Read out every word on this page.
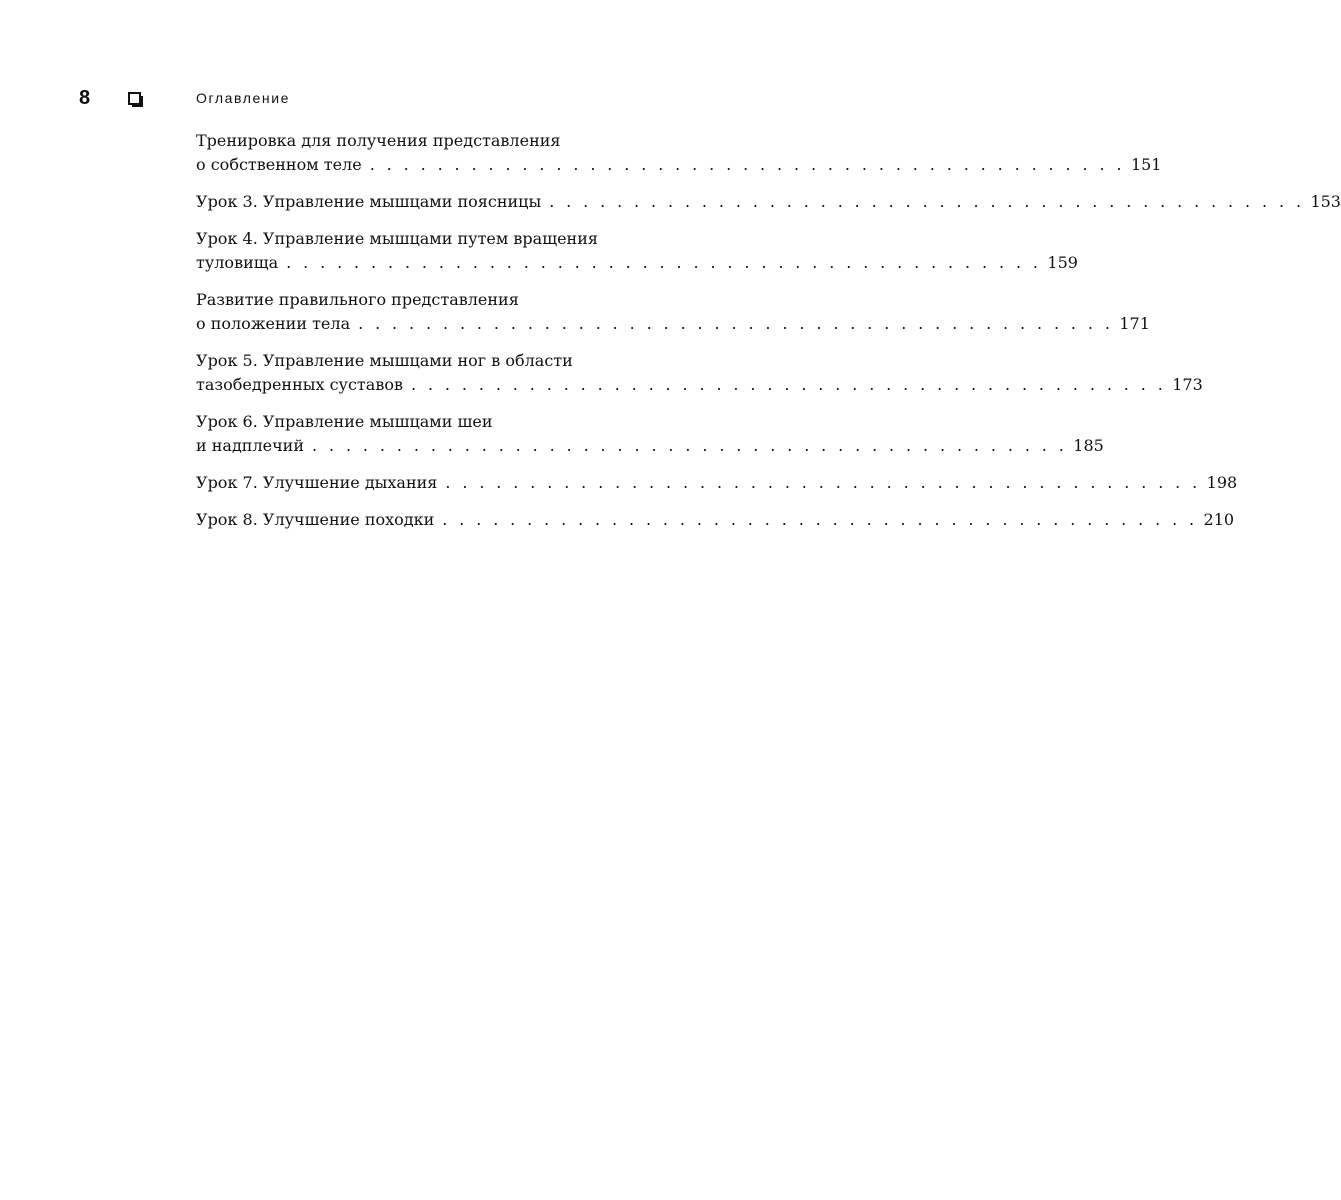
8	Оглавление
Тренировка для получения представления
о собственном теле . . . . . . . . . . . . . . . . . . . . . . . . . . . . . . . . . . . . . . . . . . . . . 151
Урок 3. Управление мышцами поясницы . . . . . . . . . . . . . . . . . . . . . . . . . . . . . . . . . . . . . . . . . . . . . 153
Урок 4. Управление мышцами путем вращения
туловища . . . . . . . . . . . . . . . . . . . . . . . . . . . . . . . . . . . . . . . . . . . . . 159
Развитие правильного представления
о положении тела . . . . . . . . . . . . . . . . . . . . . . . . . . . . . . . . . . . . . . . . . . . . . 171
Урок 5. Управление мышцами ног в области
тазобедренных суставов . . . . . . . . . . . . . . . . . . . . . . . . . . . . . . . . . . . . . . . . . . . . . 173
Урок 6. Управление мышцами шеи
и надплечий . . . . . . . . . . . . . . . . . . . . . . . . . . . . . . . . . . . . . . . . . . . . . 185
Урок 7. Улучшение дыхания . . . . . . . . . . . . . . . . . . . . . . . . . . . . . . . . . . . . . . . . . . . . . 198
Урок 8. Улучшение походки . . . . . . . . . . . . . . . . . . . . . . . . . . . . . . . . . . . . . . . . . . . . . 210
